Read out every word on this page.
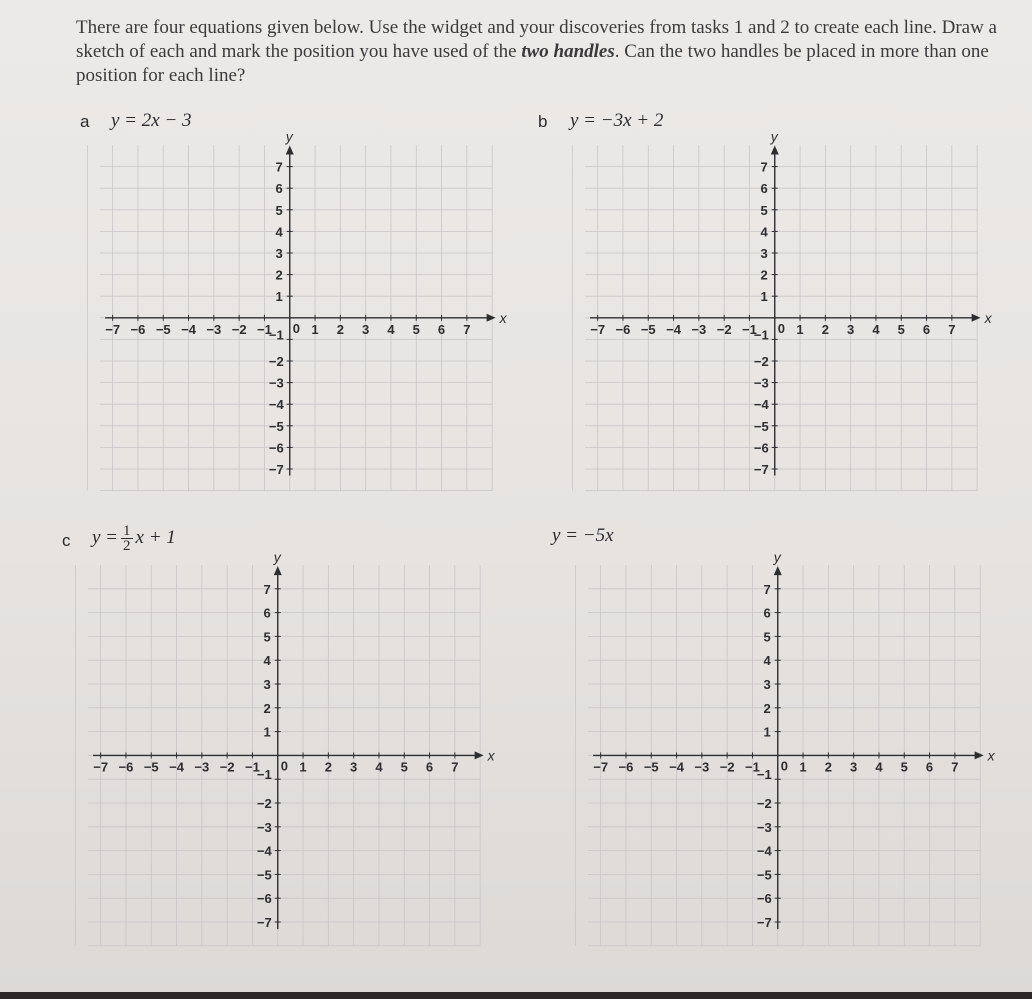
There are four equations given below. Use the widget and your discoveries from tasks 1 and 2 to create each line. Draw a sketch of each and mark the position you have used of the two handles. Can the two handles be placed in more than one position for each line?

a y = 2x − 3	b y = −3x + 2
c $y = \frac{1}{2}$ x + 1	y = −5x
x
y
−7 −6 −5 −4 −3 −2 −1	1 2 3 4 5 6 7
0
7
6
5
4
3
2
1
−1
−2
−3
−4
−5
−6
−7
x
y
−7 −6 −5 −4 −3 −2 −1	1 2 3 4 5 6 7
0
7
6
5
4
3
2
1
−1
−2
−3
−4
−5
−6
−7
x
y
−7 −6 −5 −4 −3 −2 −1	1 2 3 4 5 6 7
0
7
6
5
4
3
2
1
−1
−2
−3
−4
−5
−6
−7
x
y
−7 −6 −5 −4 −3 −2 −1	1 2 3 4 5 6 7
0
7
6
5
4
3
2
1
−1
−2
−3
−4
−5
−6
−7
